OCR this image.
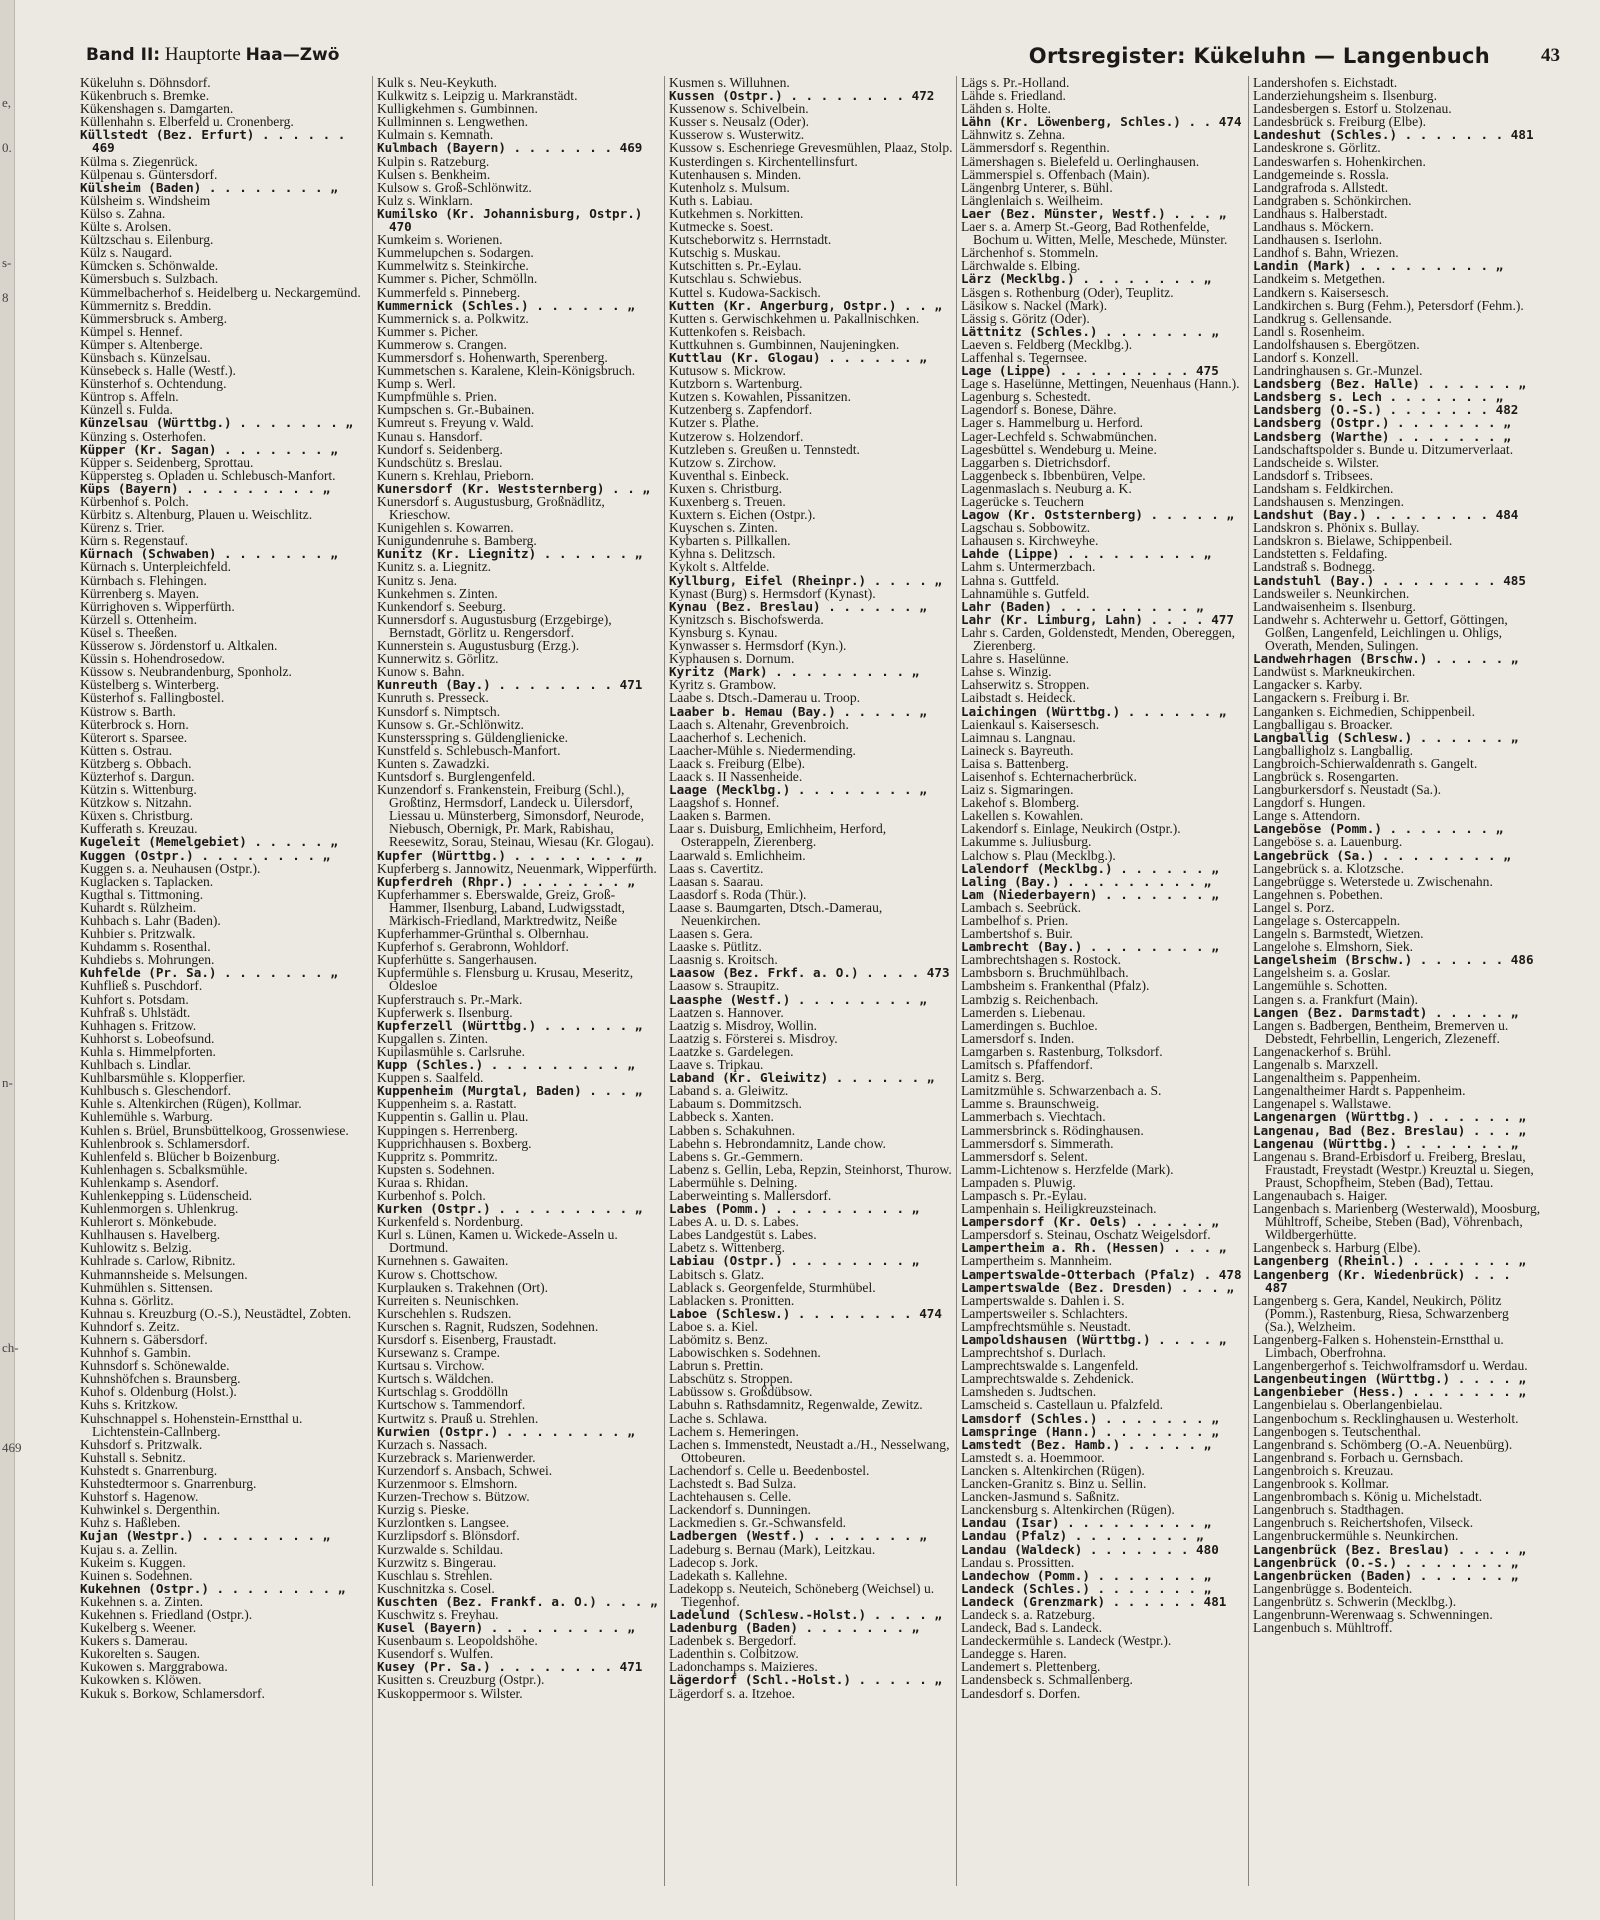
Band II: Hauptorte Haa—Zwö	Ortsregister: Kükeluhn — Langenbuch	43
e,
0.
s-
8
n-
ch-
469
Kükeluhn s. Döhnsdorf.
Kükenbruch s. Bremke.
Kükenshagen s. Damgarten.
Küllenhahn s. Elberfeld u. Cronenberg.
Küllstedt (Bez. Erfurt) . . . . . . 469
Külma s. Ziegenrück.
Külpenau s. Güntersdorf.
Külsheim (Baden) . . . . . . . . „
Külsheim s. Windsheim
Külso s. Zahna.
Külte s. Arolsen.
Kültzschau s. Eilenburg.
Külz s. Naugard.
Kümcken s. Schönwalde.
Kümersbuch s. Sulzbach.
Kümmelbacherhof s. Heidelberg u. Neckargemünd.
Kümmernitz s. Breddin.
Kümmersbruck s. Amberg.
Kümpel s. Hennef.
Kümper s. Altenberge.
Künsbach s. Künzelsau.
Künsebeck s. Halle (Westf.).
Künsterhof s. Ochtendung.
Küntrop s. Affeln.
Künzell s. Fulda.
Künzelsau (Württbg.) . . . . . . . „
Künzing s. Osterhofen.
Küpper (Kr. Sagan) . . . . . . . „
Küpper s. Seidenberg, Sprottau.
Küppersteg s. Opladen u. Schlebusch-Manfort.
Küps (Bayern) . . . . . . . . . „
Kürbenhof s. Polch.
Kürbitz s. Altenburg, Plauen u. Weischlitz.
Kürenz s. Trier.
Kürn s. Regenstauf.
Kürnach (Schwaben) . . . . . . . „
Kürnach s. Unterpleichfeld.
Kürnbach s. Flehingen.
Kürrenberg s. Mayen.
Kürrighoven s. Wipperfürth.
Kürzell s. Ottenheim.
Küsel s. Theeßen.
Küsserow s. Jördenstorf u. Altkalen.
Küssin s. Hohendrosedow.
Küssow s. Neubrandenburg, Sponholz.
Küstelberg s. Winterberg.
Küsterhof s. Fallingbostel.
Küstrow s. Barth.
Küterbrock s. Horn.
Küterort s. Sparsee.
Kütten s. Ostrau.
Kützberg s. Obbach.
Küzterhof s. Dargun.
Kützin s. Wittenburg.
Kützkow s. Nitzahn.
Küxen s. Christburg.
Kufferath s. Kreuzau.
Kugeleit (Memelgebiet) . . . . . „
Kuggen (Ostpr.) . . . . . . . . „
Kuggen s. a. Neuhausen (Ostpr.).
Kuglacken s. Taplacken.
Kugthal s. Tittmoning.
Kuhardt s. Rülzheim.
Kuhbach s. Lahr (Baden).
Kuhbier s. Pritzwalk.
Kuhdamm s. Rosenthal.
Kuhdiebs s. Mohrungen.
Kuhfelde (Pr. Sa.) . . . . . . . „
Kuhfließ s. Puschdorf.
Kuhfort s. Potsdam.
Kuhfraß s. Uhlstädt.
Kuhhagen s. Fritzow.
Kuhhorst s. Lobeofsund.
Kuhla s. Himmelpforten.
Kuhlbach s. Lindlar.
Kuhlbarsmühle s. Klopperfier.
Kuhlbusch s. Gleschendorf.
Kuhle s. Altenkirchen (Rügen), Kollmar.
Kuhlemühle s. Warburg.
Kuhlen s. Brüel, Brunsbüttelkoog, Grossenwiese.
Kuhlenbrook s. Schlamersdorf.
Kuhlenfeld s. Blücher b Boizenburg.
Kuhlenhagen s. Scbalksmühle.
Kuhlenkamp s. Asendorf.
Kuhlenkepping s. Lüdenscheid.
Kuhlenmorgen s. Uhlenkrug.
Kuhlerort s. Mönkebude.
Kuhlhausen s. Havelberg.
Kuhlowitz s. Belzig.
Kuhlrade s. Carlow, Ribnitz.
Kuhmannsheide s. Melsungen.
Kuhmühlen s. Sittensen.
Kuhna s. Görlitz.
Kuhnau s. Kreuzburg (O.-S.), Neustädtel, Zobten.
Kuhndorf s. Zeitz.
Kuhnern s. Gäbersdorf.
Kuhnhof s. Gambin.
Kuhnsdorf s. Schönewalde.
Kuhnshöfchen s. Braunsberg.
Kuhof s. Oldenburg (Holst.).
Kuhs s. Kritzkow.
Kuhschnappel s. Hohenstein-Ernstthal u. Lichtenstein-Callnberg.
Kuhsdorf s. Pritzwalk.
Kuhstall s. Sebnitz.
Kuhstedt s. Gnarrenburg.
Kuhstedtermoor s. Gnarrenburg.
Kuhstorf s. Hagenow.
Kuhwinkel s. Dergenthin.
Kuhz s. Haßleben.
Kujan (Westpr.) . . . . . . . . „
Kujau s. a. Zellin.
Kukeim s. Kuggen.
Kuinen s. Sodehnen.
Kukehnen (Ostpr.) . . . . . . . . „
Kukehnen s. a. Zinten.
Kukehnen s. Friedland (Ostpr.).
Kukelberg s. Weener.
Kukers s. Damerau.
Kukorelten s. Saugen.
Kukowen s. Marggrabowa.
Kukowken s. Klöwen.
Kukuk s. Borkow, Schlamersdorf.
Kulk s. Neu-Keykuth.
Kulkwitz s. Leipzig u. Markranstädt.
Kulligkehmen s. Gumbinnen.
Kullminnen s. Lengwethen.
Kulmain s. Kemnath.
Kulmbach (Bayern) . . . . . . . 469
Kulpin s. Ratzeburg.
Kulsen s. Benkheim.
Kulsow s. Groß-Schlönwitz.
Kulz s. Winklarn.
Kumilsko (Kr. Johannisburg, Ostpr.) 470
Kumkeim s. Worienen.
Kummelupchen s. Sodargen.
Kummelwitz s. Steinkirche.
Kummer s. Picher, Schmölln.
Kummerfeld s. Pinneberg.
Kummernick (Schles.) . . . . . . „
Kummernick s. a. Polkwitz.
Kummer s. Picher.
Kummerow s. Crangen.
Kummersdorf s. Hohenwarth, Sperenberg.
Kummetschen s. Karalene, Klein-Königsbruch.
Kump s. Werl.
Kumpfmühle s. Prien.
Kumpschen s. Gr.-Bubainen.
Kumreut s. Freyung v. Wald.
Kunau s. Hansdorf.
Kundorf s. Seidenberg.
Kundschütz s. Breslau.
Kunern s. Krehlau, Prieborn.
Kunersdorf (Kr. Weststernberg) . . „
Kunersdorf s. Augustusburg, Großnädlitz, Krieschow.
Kunigehlen s. Kowarren.
Kunigundenruhe s. Bamberg.
Kunitz (Kr. Liegnitz) . . . . . . „
Kunitz s. a. Liegnitz.
Kunitz s. Jena.
Kunkehmen s. Zinten.
Kunkendorf s. Seeburg.
Kunnersdorf s. Augustusburg (Erzgebirge), Bernstadt, Görlitz u. Rengersdorf.
Kunnerstein s. Augustusburg (Erzg.).
Kunnerwitz s. Görlitz.
Kunow s. Bahn.
Kunreuth (Bay.) . . . . . . . . 471
Kunruth s. Presseck.
Kunsdorf s. Nimptsch.
Kunsow s. Gr.-Schlönwitz.
Kunstersspring s. Güldenglienicke.
Kunstfeld s. Schlebusch-Manfort.
Kunten s. Zawadzki.
Kuntsdorf s. Burglengenfeld.
Kunzendorf s. Frankenstein, Freiburg (Schl.), Großtinz, Hermsdorf, Landeck u. Uilersdorf, Liessau u. Münsterberg, Simonsdorf, Neurode, Niebusch, Obernigk, Pr. Mark, Rabishau, Reesewitz, Sorau, Steinau, Wiesau (Kr. Glogau).
Kupfer (Württbg.) . . . . . . . . „
Kupferberg s. Jannowitz, Neuenmark, Wipperfürth.
Kupferdreh (Rhpr.) . . . . . . . „
Kupferhammer s. Eberswalde, Greiz, Groß-Hammer, Ilsenburg, Laband, Ludwigsstadt, Märkisch-Friedland, Marktredwitz, Neiße
Kupferhammer-Grünthal s. Olbernhau.
Kupferhof s. Gerabronn, Wohldorf.
Kupferhütte s. Sangerhausen.
Kupfermühle s. Flensburg u. Krusau, Meseritz, Oldesloe
Kupferstrauch s. Pr.-Mark.
Kupferwerk s. Ilsenburg.
Kupferzell (Württbg.) . . . . . . „
Kupgallen s. Zinten.
Kupilasmühle s. Carlsruhe.
Kupp (Schles.) . . . . . . . . . „
Kuppen s. Saalfeld.
Kuppenheim (Murgtal, Baden) . . . „
Kuppenheim s. a. Rastatt.
Kuppentin s. Gallin u. Plau.
Kuppingen s. Herrenberg.
Kupprichhausen s. Boxberg.
Kuppritz s. Pommritz.
Kupsten s. Sodehnen.
Kuraa s. Rhidan.
Kurbenhof s. Polch.
Kurken (Ostpr.) . . . . . . . . . „
Kurkenfeld s. Nordenburg.
Kurl s. Lünen, Kamen u. Wickede-Asseln u. Dortmund.
Kurnehnen s. Gawaiten.
Kurow s. Chottschow.
Kurplauken s. Trakehnen (Ort).
Kurreiten s. Neunischken.
Kurschehlen s. Rudszen.
Kurschen s. Ragnit, Rudszen, Sodehnen.
Kursdorf s. Eisenberg, Fraustadt.
Kursewanz s. Crampe.
Kurtsau s. Virchow.
Kurtsch s. Wäldchen.
Kurtschlag s. Groddölln
Kurtschow s. Tammendorf.
Kurtwitz s. Prauß u. Strehlen.
Kurwien (Ostpr.) . . . . . . . . „
Kurzach s. Nassach.
Kurzebrack s. Marienwerder.
Kurzendorf s. Ansbach, Schwei.
Kurzenmoor s. Elmshorn.
Kurzen-Trechow s. Bützow.
Kurzig s. Pieske.
Kurzlontken s. Langsee.
Kurzlipsdorf s. Blönsdorf.
Kurzwalde s. Schildau.
Kurzwitz s. Bingerau.
Kuschlau s. Strehlen.
Kuschnitzka s. Cosel.
Kuschten (Bez. Frankf. a. O.) . . . „
Kuschwitz s. Freyhau.
Kusel (Bayern) . . . . . . . . . „
Kusenbaum s. Leopoldshöhe.
Kusendorf s. Wulfen.
Kusey (Pr. Sa.) . . . . . . . . 471
Kusitten s. Creuzburg (Ostpr.).
Kuskoppermoor s. Wilster.
Kusmen s. Willuhnen.
Kussen (Ostpr.) . . . . . . . . 472
Kussenow s. Schivelbein.
Kusser s. Neusalz (Oder).
Kusserow s. Wusterwitz.
Kussow s. Eschenriege Grevesmühlen, Plaaz, Stolp.
Kusterdingen s. Kirchentellinsfurt.
Kutenhausen s. Minden.
Kutenholz s. Mulsum.
Kuth s. Labiau.
Kutkehmen s. Norkitten.
Kutmecke s. Soest.
Kutscheborwitz s. Herrnstadt.
Kutschig s. Muskau.
Kutschitten s. Pr.-Eylau.
Kutschlau s. Schwiebus.
Kuttel s. Kudowa-Sackisch.
Kutten (Kr. Angerburg, Ostpr.) . . „
Kutten s. Gerwischkehmen u. Pakallnischken.
Kuttenkofen s. Reisbach.
Kuttkuhnen s. Gumbinnen, Naujeningken.
Kuttlau (Kr. Glogau) . . . . . . „
Kutusow s. Mickrow.
Kutzborn s. Wartenburg.
Kutzen s. Kowahlen, Pissanitzen.
Kutzenberg s. Zapfendorf.
Kutzer s. Plathe.
Kutzerow s. Holzendorf.
Kutzleben s. Greußen u. Tennstedt.
Kutzow s. Zirchow.
Kuventhal s. Einbeck.
Kuxen s. Christburg.
Kuxenberg s. Treuen.
Kuxtern s. Eichen (Ostpr.).
Kuyschen s. Zinten.
Kybarten s. Pillkallen.
Kyhna s. Delitzsch.
Kykolt s. Altfelde.
Kyllburg, Eifel (Rheinpr.) . . . . „
Kynast (Burg) s. Hermsdorf (Kynast).
Kynau (Bez. Breslau) . . . . . . „
Kynitzsch s. Bischofswerda.
Kynsburg s. Kynau.
Kynwasser s. Hermsdorf (Kyn.).
Kyphausen s. Dornum.
Kyritz (Mark) . . . . . . . . . „
Kyritz s. Grambow.
Laabe s. Dtsch.-Damerau u. Troop.
Laaber b. Hemau (Bay.) . . . . . „
Laach s. Altenahr, Grevenbroich.
Laacherhof s. Lechenich.
Laacher-Mühle s. Niedermending.
Laack s. Freiburg (Elbe).
Laack s. II Nassenheide.
Laage (Mecklbg.) . . . . . . . . „
Laagshof s. Honnef.
Laaken s. Barmen.
Laar s. Duisburg, Emlichheim, Herford, Osterappeln, Zierenberg.
Laarwald s. Emlichheim.
Laas s. Cavertitz.
Laasan s. Saarau.
Laasdorf s. Roda (Thür.).
Laase s. Baumgarten, Dtsch.-Damerau, Neuenkirchen.
Laasen s. Gera.
Laaske s. Pütlitz.
Laasnig s. Kroitsch.
Laasow (Bez. Frkf. a. O.) . . . . 473
Laasow s. Straupitz.
Laasphe (Westf.) . . . . . . . . „
Laatzen s. Hannover.
Laatzig s. Misdroy, Wollin.
Laatzig s. Försterei s. Misdroy.
Laatzke s. Gardelegen.
Laave s. Tripkau.
Laband (Kr. Gleiwitz) . . . . . . „
Laband s. a. Gleiwitz.
Labaum s. Dommitzsch.
Labbeck s. Xanten.
Labben s. Schakuhnen.
Labehn s. Hebrondamnitz, Lande chow.
Labens s. Gr.-Gemmern.
Labenz s. Gellin, Leba, Repzin, Steinhorst, Thurow.
Labermühle s. Delning.
Laberweinting s. Mallersdorf.
Labes (Pomm.) . . . . . . . . . „
Labes A. u. D. s. Labes.
Labes Landgestüt s. Labes.
Labetz s. Wittenberg.
Labiau (Ostpr.) . . . . . . . . „
Labitsch s. Glatz.
Lablack s. Georgenfelde, Sturmhübel.
Lablacken s. Pronitten.
Laboe (Schlesw.) . . . . . . . . 474
Laboe s. a. Kiel.
Labömitz s. Benz.
Labowischken s. Sodehnen.
Labrun s. Prettin.
Labschütz s. Stroppen.
Labüssow s. Großdübsow.
Labuhn s. Rathsdamnitz, Regenwalde, Zewitz.
Lache s. Schlawa.
Lachem s. Hemeringen.
Lachen s. Immenstedt, Neustadt a./H., Nesselwang, Ottobeuren.
Lachendorf s. Celle u. Beedenbostel.
Lachstedt s. Bad Sulza.
Lachtehausen s. Celle.
Lackendorf s. Dunningen.
Lackmedien s. Gr.-Schwansfeld.
Ladbergen (Westf.) . . . . . . . „
Ladeburg s. Bernau (Mark), Leitzkau.
Ladecop s. Jork.
Ladekath s. Kallehne.
Ladekopp s. Neuteich, Schöneberg (Weichsel) u. Tiegenhof.
Ladelund (Schlesw.-Holst.) . . . . „
Ladenburg (Baden) . . . . . . . „
Ladenbek s. Bergedorf.
Ladenthin s. Colbitzow.
Ladonchamps s. Maizieres.
Lägerdorf (Schl.-Holst.) . . . . . „
Lägerdorf s. a. Itzehoe.
Lägs s. Pr.-Holland.
Lähde s. Friedland.
Lähden s. Holte.
Lähn (Kr. Löwenberg, Schles.) . . 474
Lähnwitz s. Zehna.
Lämmersdorf s. Regenthin.
Lämershagen s. Bielefeld u. Oerlinghausen.
Lämmerspiel s. Offenbach (Main).
Längenbrg Unterer, s. Bühl.
Länglenlaich s. Weilheim.
Laer (Bez. Münster, Westf.) . . . „
Laer s. a. Amerp St.-Georg, Bad Rothenfelde, Bochum u. Witten, Melle, Meschede, Münster.
Lärchenhof s. Stommeln.
Lärchwalde s. Elbing.
Lärz (Mecklbg.) . . . . . . . . „
Läsgen s. Rothenburg (Oder), Teuplitz.
Läsikow s. Nackel (Mark).
Lässig s. Göritz (Oder).
Lättnitz (Schles.) . . . . . . . „
Laeven s. Feldberg (Mecklbg.).
Laffenhal s. Tegernsee.
Lage (Lippe) . . . . . . . . . 475
Lage s. Haselünne, Mettingen, Neuenhaus (Hann.).
Lagenburg s. Schestedt.
Lagendorf s. Bonese, Dähre.
Lager s. Hammelburg u. Herford.
Lager-Lechfeld s. Schwabmünchen.
Lagesbüttel s. Wendeburg u. Meine.
Laggarben s. Dietrichsdorf.
Laggenbeck s. Ibbenbüren, Velpe.
Lagenmaslach s. Neuburg a. K.
Lagerücke s. Teuchern
Lagow (Kr. Oststernberg) . . . . . „
Lagschau s. Sobbowitz.
Lahausen s. Kirchweyhe.
Lahde (Lippe) . . . . . . . . . „
Lahm s. Untermerzbach.
Lahna s. Guttfeld.
Lahnamühle s. Gutfeld.
Lahr (Baden) . . . . . . . . . „
Lahr (Kr. Limburg, Lahn) . . . . 477
Lahr s. Carden, Goldenstedt, Menden, Obereggen, Zierenberg.
Lahre s. Haselünne.
Lahse s. Winzig.
Lahserwitz s. Stroppen.
Laibstadt s. Heideck.
Laichingen (Württbg.) . . . . . . „
Laienkaul s. Kaisersesch.
Laimnau s. Langnau.
Laineck s. Bayreuth.
Laisa s. Battenberg.
Laisenhof s. Echternacherbrück.
Laiz s. Sigmaringen.
Lakehof s. Blomberg.
Lakellen s. Kowahlen.
Lakendorf s. Einlage, Neukirch (Ostpr.).
Lakumme s. Juliusburg.
Lalchow s. Plau (Mecklbg.).
Lalendorf (Mecklbg.) . . . . . . „
Laling (Bay.) . . . . . . . . . „
Lam (Niederbayern) . . . . . . . „
Lambach s. Seebrück.
Lambelhof s. Prien.
Lambertshof s. Buir.
Lambrecht (Bay.) . . . . . . . . „
Lambrechtshagen s. Rostock.
Lambsborn s. Bruchmühlbach.
Lambsheim s. Frankenthal (Pfalz).
Lambzig s. Reichenbach.
Lamerden s. Liebenau.
Lamerdingen s. Buchloe.
Lamersdorf s. Inden.
Lamgarben s. Rastenburg, Tolksdorf.
Lamitsch s. Pfaffendorf.
Lamitz s. Berg.
Lamitzmühle s. Schwarzenbach a. S.
Lamme s. Braunschweig.
Lammerbach s. Viechtach.
Lammersbrinck s. Rödinghausen.
Lammersdorf s. Simmerath.
Lammersdorf s. Selent.
Lamm-Lichtenow s. Herzfelde (Mark).
Lampaden s. Pluwig.
Lampasch s. Pr.-Eylau.
Lampenhain s. Heiligkreuzsteinach.
Lampersdorf (Kr. Oels) . . . . . „
Lampersdorf s. Steinau, Oschatz Weigelsdorf.
Lampertheim a. Rh. (Hessen) . . . „
Lampertheim s. Mannheim.
Lampertswalde-Otterbach (Pfalz) . 478
Lampertswalde (Bez. Dresden) . . . „
Lampertswalde s. Dahlen i. S.
Lampertsweiler s. Schlachters.
Lampfrechtsmühle s. Neustadt.
Lampoldshausen (Württbg.) . . . . „
Lamprechtshof s. Durlach.
Lamprechtswalde s. Langenfeld.
Lamprechtswalde s. Zehdenick.
Lamsheden s. Judtschen.
Lamscheid s. Castellaun u. Pfalzfeld.
Lamsdorf (Schles.) . . . . . . . „
Lamspringe (Hann.) . . . . . . . „
Lamstedt (Bez. Hamb.) . . . . . „
Lamstedt s. a. Hoemmoor.
Lancken s. Altenkirchen (Rügen).
Lancken-Granitz s. Binz u. Sellin.
Lancken-Jasmund s. Saßnitz.
Lanckensburg s. Altenkirchen (Rügen).
Landau (Isar) . . . . . . . . . „
Landau (Pfalz) . . . . . . . . „
Landau (Waldeck) . . . . . . . 480
Landau s. Prossitten.
Landechow (Pomm.) . . . . . . . „
Landeck (Schles.) . . . . . . . „
Landeck (Grenzmark) . . . . . . 481
Landeck s. a. Ratzeburg.
Landeck, Bad s. Landeck.
Landeckermühle s. Landeck (Westpr.).
Landegge s. Haren.
Landemert s. Plettenberg.
Landensbeck s. Schmallenberg.
Landesdorf s. Dorfen.
Landershofen s. Eichstadt.
Landerziehungsheim s. Ilsenburg.
Landesbergen s. Estorf u. Stolzenau.
Landesbrück s. Freiburg (Elbe).
Landeshut (Schles.) . . . . . . . 481
Landeskrone s. Görlitz.
Landeswarfen s. Hohenkirchen.
Landgemeinde s. Rossla.
Landgrafroda s. Allstedt.
Landgraben s. Schönkirchen.
Landhaus s. Halberstadt.
Landhaus s. Möckern.
Landhausen s. Iserlohn.
Landhof s. Bahn, Wriezen.
Landin (Mark) . . . . . . . . . „
Landkeim s. Metgethen.
Landkern s. Kaisersesch.
Landkirchen s. Burg (Fehm.), Petersdorf (Fehm.).
Landkrug s. Gellensande.
Landl s. Rosenheim.
Landolfshausen s. Ebergötzen.
Landorf s. Konzell.
Landringhausen s. Gr.-Munzel.
Landsberg (Bez. Halle) . . . . . . „
Landsberg s. Lech . . . . . . . „
Landsberg (O.-S.) . . . . . . . 482
Landsberg (Ostpr.) . . . . . . . „
Landsberg (Warthe) . . . . . . . „
Landschaftspolder s. Bunde u. Ditzumerverlaat.
Landscheide s. Wilster.
Landsdorf s. Tribsees.
Landsham s. Feldkirchen.
Landshausen s. Menzingen.
Landshut (Bay.) . . . . . . . . 484
Landskron s. Phönix s. Bullay.
Landskron s. Bielawe, Schippenbeil.
Landstetten s. Feldafing.
Landstraß s. Bodnegg.
Landstuhl (Bay.) . . . . . . . . 485
Landsweiler s. Neunkirchen.
Landwaisenheim s. Ilsenburg.
Landwehr s. Achterwehr u. Gettorf, Göttingen, Golßen, Langenfeld, Leichlingen u. Ohligs, Overath, Menden, Sulingen.
Landwehrhagen (Brschw.) . . . . . „
Landwüst s. Markneukirchen.
Langacker s. Karby.
Langackern s. Freiburg i. Br.
Langanken s. Eichmedien, Schippenbeil.
Langballigau s. Broacker.
Langballig (Schlesw.) . . . . . . „
Langballigholz s. Langballig.
Langbroich-Schierwaldenrath s. Gangelt.
Langbrück s. Rosengarten.
Langburkersdorf s. Neustadt (Sa.).
Langdorf s. Hungen.
Lange s. Attendorn.
Langeböse (Pomm.) . . . . . . . „
Langeböse s. a. Lauenburg.
Langebrück (Sa.) . . . . . . . . „
Langebrück s. a. Klotzsche.
Langebrügge s. Weterstede u. Zwischenahn.
Langehnen s. Pobethen.
Langel s. Porz.
Langelage s. Ostercappeln.
Langeln s. Barmstedt, Wietzen.
Langelohe s. Elmshorn, Siek.
Langelsheim (Brschw.) . . . . . . 486
Langelsheim s. a. Goslar.
Langemühle s. Schotten.
Langen s. a. Frankfurt (Main).
Langen (Bez. Darmstadt) . . . . . „
Langen s. Badbergen, Bentheim, Bremerven u. Debstedt, Fehrbellin, Lengerich, Zlezeneff.
Langenackerhof s. Brühl.
Langenalb s. Marxzell.
Langenaltheim s. Pappenheim.
Langenaltheimer Hardt s. Pappenheim.
Langenapel s. Wallstawe.
Langenargen (Württbg.) . . . . . . „
Langenau, Bad (Bez. Breslau) . . . „
Langenau (Württbg.) . . . . . . . „
Langenau s. Brand-Erbisdorf u. Freiberg, Breslau, Fraustadt, Freystadt (Westpr.) Kreuztal u. Siegen, Praust, Schopfheim, Steben (Bad), Tettau.
Langenaubach s. Haiger.
Langenbach s. Marienberg (Westerwald), Moosburg, Mühltroff, Scheibe, Steben (Bad), Vöhrenbach, Wildbergerhütte.
Langenbeck s. Harburg (Elbe).
Langenberg (Rheinl.) . . . . . . . „
Langenberg (Kr. Wiedenbrück) . . . 487
Langenberg s. Gera, Kandel, Neukirch, Pölitz (Pomm.), Rastenburg, Riesa, Schwarzenberg (Sa.), Welzheim.
Langenberg-Falken s. Hohenstein-Ernstthal u. Limbach, Oberfrohna.
Langenbergerhof s. Teichwolframsdorf u. Werdau.
Langenbeutingen (Württbg.) . . . . „
Langenbieber (Hess.) . . . . . . . „
Langenbielau s. Oberlangenbielau.
Langenbochum s. Recklinghausen u. Westerholt.
Langenbogen s. Teutschenthal.
Langenbrand s. Schömberg (O.-A. Neuenbürg).
Langenbrand s. Forbach u. Gernsbach.
Langenbroich s. Kreuzau.
Langenbrook s. Kollmar.
Langenbrombach s. König u. Michelstadt.
Langenbruch s. Stadthagen.
Langenbruch s. Reichertshofen, Vilseck.
Langenbruckermühle s. Neunkirchen.
Langenbrück (Bez. Breslau) . . . . „
Langenbrück (O.-S.) . . . . . . . „
Langenbrücken (Baden) . . . . . . „
Langenbrügge s. Bodenteich.
Langenbrütz s. Schwerin (Mecklbg.).
Langenbrunn-Werenwaag s. Schwenningen.
Langenbuch s. Mühltroff.
